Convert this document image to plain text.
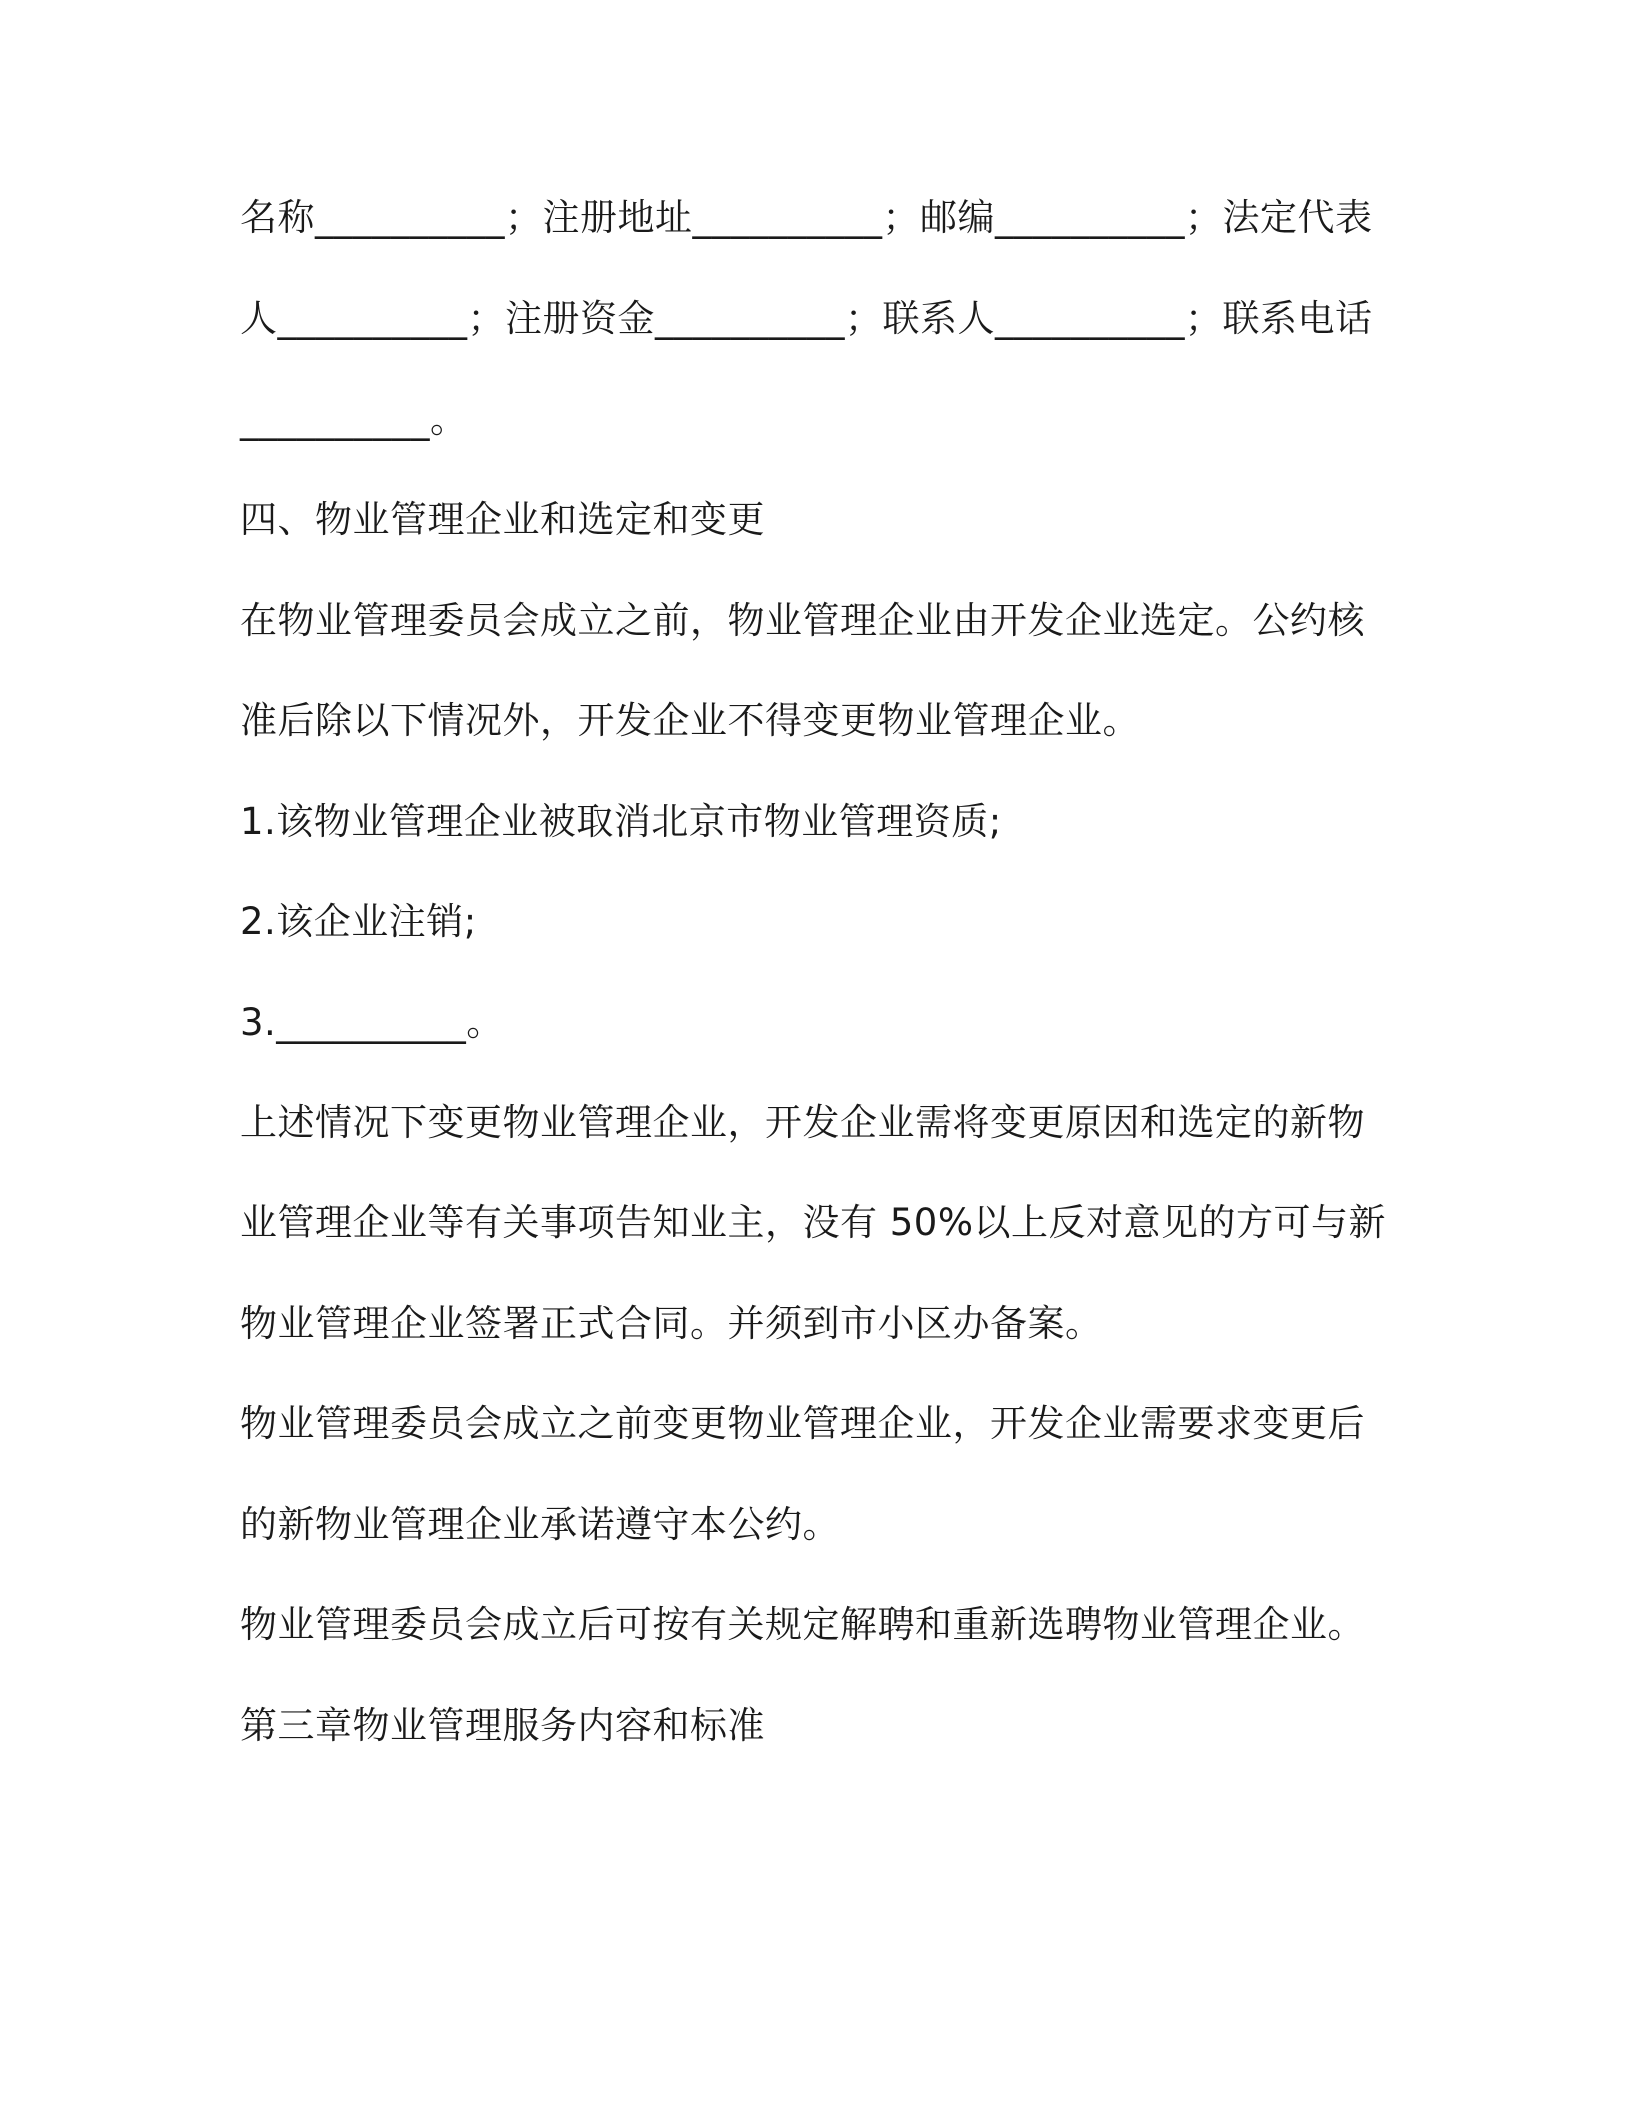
名称__________；注册地址__________；邮编__________；法定代表
人__________；注册资金__________；联系人__________；联系电话
__________。
四、物业管理企业和选定和变更
在物业管理委员会成立之前，物业管理企业由开发企业选定。公约核
准后除以下情况外，开发企业不得变更物业管理企业。
1.该物业管理企业被取消北京市物业管理资质;
2.该企业注销;
3.__________。
上述情况下变更物业管理企业，开发企业需将变更原因和选定的新物
业管理企业等有关事项告知业主，没有 50%以上反对意见的方可与新
物业管理企业签署正式合同。并须到市小区办备案。
物业管理委员会成立之前变更物业管理企业，开发企业需要求变更后
的新物业管理企业承诺遵守本公约。
物业管理委员会成立后可按有关规定解聘和重新选聘物业管理企业。
第三章物业管理服务内容和标准
